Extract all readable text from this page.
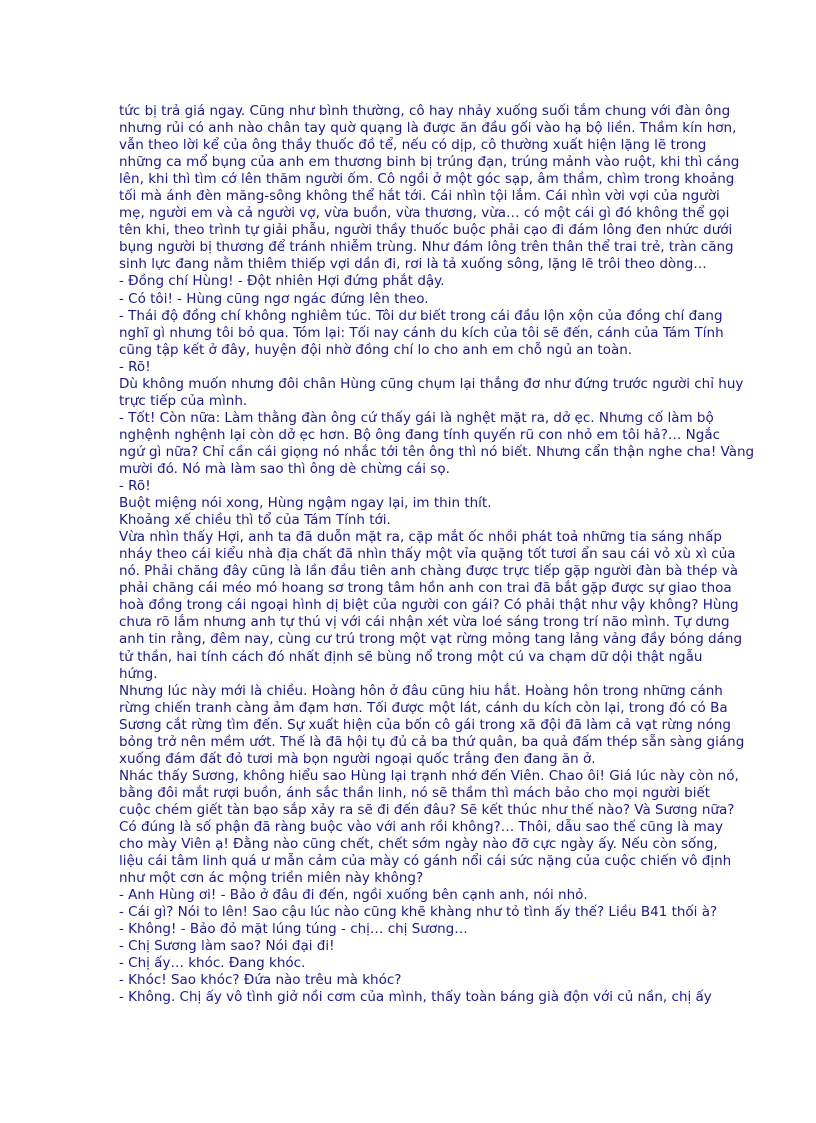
tức bị trả giá ngay. Cũng như bình thường, cô hay nhảy xuống suối tắm chung với đàn ông
nhưng rủi có anh nào chân tay quờ quạng là được ăn đầu gối vào hạ bộ liền. Thầm kín hơn,
vẫn theo lời kể của ông thầy thuốc đồ tể, nếu có dịp, cô thường xuất hiện lặng lẽ trong
những ca mổ bụng của anh em thương binh bị trúng đạn, trúng mảnh vào ruột, khi thì cáng
lên, khi thì tìm cớ lên thăm người ốm. Cô ngồi ở một góc sạp, âm thầm, chìm trong khoảng
tối mà ánh đèn măng-sông không thể hắt tới. Cái nhìn tội lắm. Cái nhìn vời vợi của người
mẹ, người em và cả người vợ, vừa buồn, vừa thương, vừa… có một cái gì đó không thể gọi
tên khi, theo trình tự giải phẫu, người thầy thuốc buộc phải cạo đi đám lông đen nhức dưới
bụng người bị thương để tránh nhiễm trùng. Như đám lông trên thân thể trai trẻ, tràn căng
sinh lực đang nằm thiêm thiếp vợi dần đi, rơi là tả xuống sông, lặng lẽ trôi theo dòng…
- Đồng chí Hùng! - Đột nhiên Hợi đứng phắt dậy.
- Có tôi! - Hùng cũng ngơ ngác đứng lên theo.
- Thái độ đồng chí không nghiêm túc. Tôi dư biết trong cái đầu lộn xộn của đồng chí đang
nghĩ gì nhưng tôi bỏ qua. Tóm lại: Tối nay cánh du kích của tôi sẽ đến, cánh của Tám Tính
cũng tập kết ở đây, huyện đội nhờ đồng chí lo cho anh em chỗ ngủ an toàn.
- Rõ!
Dù không muốn nhưng đôi chân Hùng cũng chụm lại thẳng đơ như đứng trước người chỉ huy
trực tiếp của mình.
- Tốt! Còn nữa: Làm thằng đàn ông cứ thấy gái là nghệt mặt ra, dở ẹc. Nhưng cố làm bộ
nghệnh nghệnh lại còn dở ẹc hơn. Bộ ông đang tính quyến rũ con nhỏ em tôi hả?… Ngắc
ngứ gì nữa? Chỉ cần cái giọng nó nhắc tới tên ông thì nó biết. Nhưng cẩn thận nghe cha! Vàng
mười đó. Nó mà làm sao thì ông dè chừng cái sọ.
- Rõ!
Buột miệng nói xong, Hùng ngậm ngay lại, im thin thít.
Khoảng xế chiều thì tổ của Tám Tính tới.
Vừa nhìn thấy Hợi, anh ta đã duỗn mặt ra, cặp mắt ốc nhồi phát toả những tia sáng nhấp
nháy theo cái kiểu nhà địa chất đã nhìn thấy một vỉa quặng tốt tươi ẩn sau cái vỏ xù xì của
nó. Phải chăng đây cũng là lần đầu tiên anh chàng được trực tiếp gặp người đàn bà thép và
phải chăng cái méo mó hoang sơ trong tâm hồn anh con trai đã bắt gặp được sự giao thoa
hoà đồng trong cái ngoại hình dị biệt của người con gái? Có phải thật như vậy không? Hùng
chưa rõ lắm nhưng anh tự thú vị với cái nhận xét vừa loé sáng trong trí não mình. Tự dưng
anh tin rằng, đêm nay, cùng cư trú trong một vạt rừng mỏng tang lảng vảng đầy bóng dáng
tử thần, hai tính cách đó nhất định sẽ bùng nổ trong một cú va chạm dữ dội thật ngẫu
hứng.
Nhưng lúc này mới là chiều. Hoàng hôn ở đâu cũng hiu hắt. Hoàng hôn trong những cánh
rừng chiến tranh càng ảm đạm hơn. Tối được một lát, cánh du kích còn lại, trong đó có Ba
Sương cắt rừng tìm đến. Sự xuất hiện của bốn cô gái trong xã đội đã làm cả vạt rừng nóng
bỏng trở nên mềm ướt. Thế là đã hội tụ đủ cả ba thứ quân, ba quả đấm thép sẵn sàng giáng
xuống đám đất đỏ tươi mà bọn người ngoại quốc trắng đen đang ăn ở.
Nhác thấy Sương, không hiểu sao Hùng lại trạnh nhớ đến Viên. Chao ôi! Giá lúc này còn nó,
bằng đôi mắt rượi buồn, ánh sắc thần linh, nó sẽ thầm thì mách bảo cho mọi người biết
cuộc chém giết tàn bạo sắp xảy ra sẽ đi đến đâu? Sẽ kết thúc như thế nào? Và Sương nữa?
Có đúng là số phận đã ràng buộc vào với anh rồi không?… Thôi, dẫu sao thế cũng là may
cho mày Viên ạ! Đằng nào cũng chết, chết sớm ngày nào đỡ cực ngày ấy. Nếu còn sống,
liệu cái tâm linh quá ư mẫn cảm của mày có gánh nổi cái sức nặng của cuộc chiến vô định
như một cơn ác mộng triền miên này không?
- Anh Hùng ơi! - Bảo ở đâu đi đến, ngồi xuống bên cạnh anh, nói nhỏ.
- Cái gì? Nói to lên! Sao cậu lúc nào cũng khẽ khàng như tỏ tình ấy thế? Liều B41 thối à?
- Không! - Bảo đỏ mặt lúng túng - chị… chị Sương…
- Chị Sương làm sao? Nói đại đi!
- Chị ấy… khóc. Đang khóc.
- Khóc! Sao khóc? Đứa nào trêu mà khóc?
- Không. Chị ấy vô tình giở nồi cơm của mình, thấy toàn báng già độn với củ nần, chị ấy
